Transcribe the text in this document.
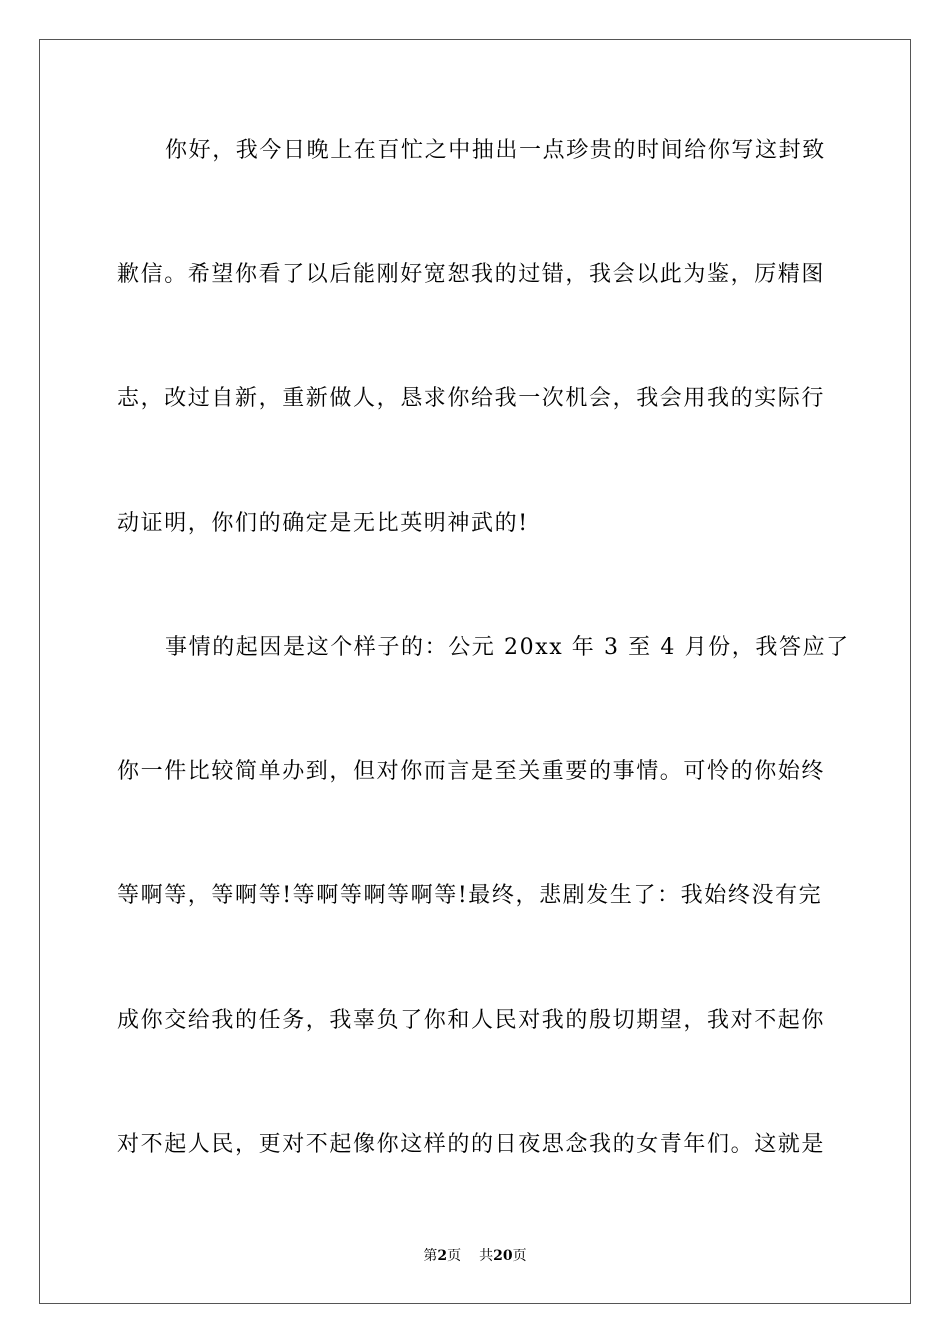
你好，我今日晚上在百忙之中抽出一点珍贵的时间给你写这封致
歉信。希望你看了以后能刚好宽恕我的过错，我会以此为鉴，厉精图
志，改过自新，重新做人，恳求你给我一次机会，我会用我的实际行
动证明，你们的确定是无比英明神武的!
事情的起因是这个样子的：公元 20xx 年 3 至 4 月份，我答应了
你一件比较简单办到，但对你而言是至关重要的事情。可怜的你始终
等啊等，等啊等!等啊等啊等啊等!最终，悲剧发生了：我始终没有完
成你交给我的任务，我辜负了你和人民对我的殷切期望，我对不起你
对不起人民，更对不起像你这样的的日夜思念我的女青年们。这就是
第2页 共20页
